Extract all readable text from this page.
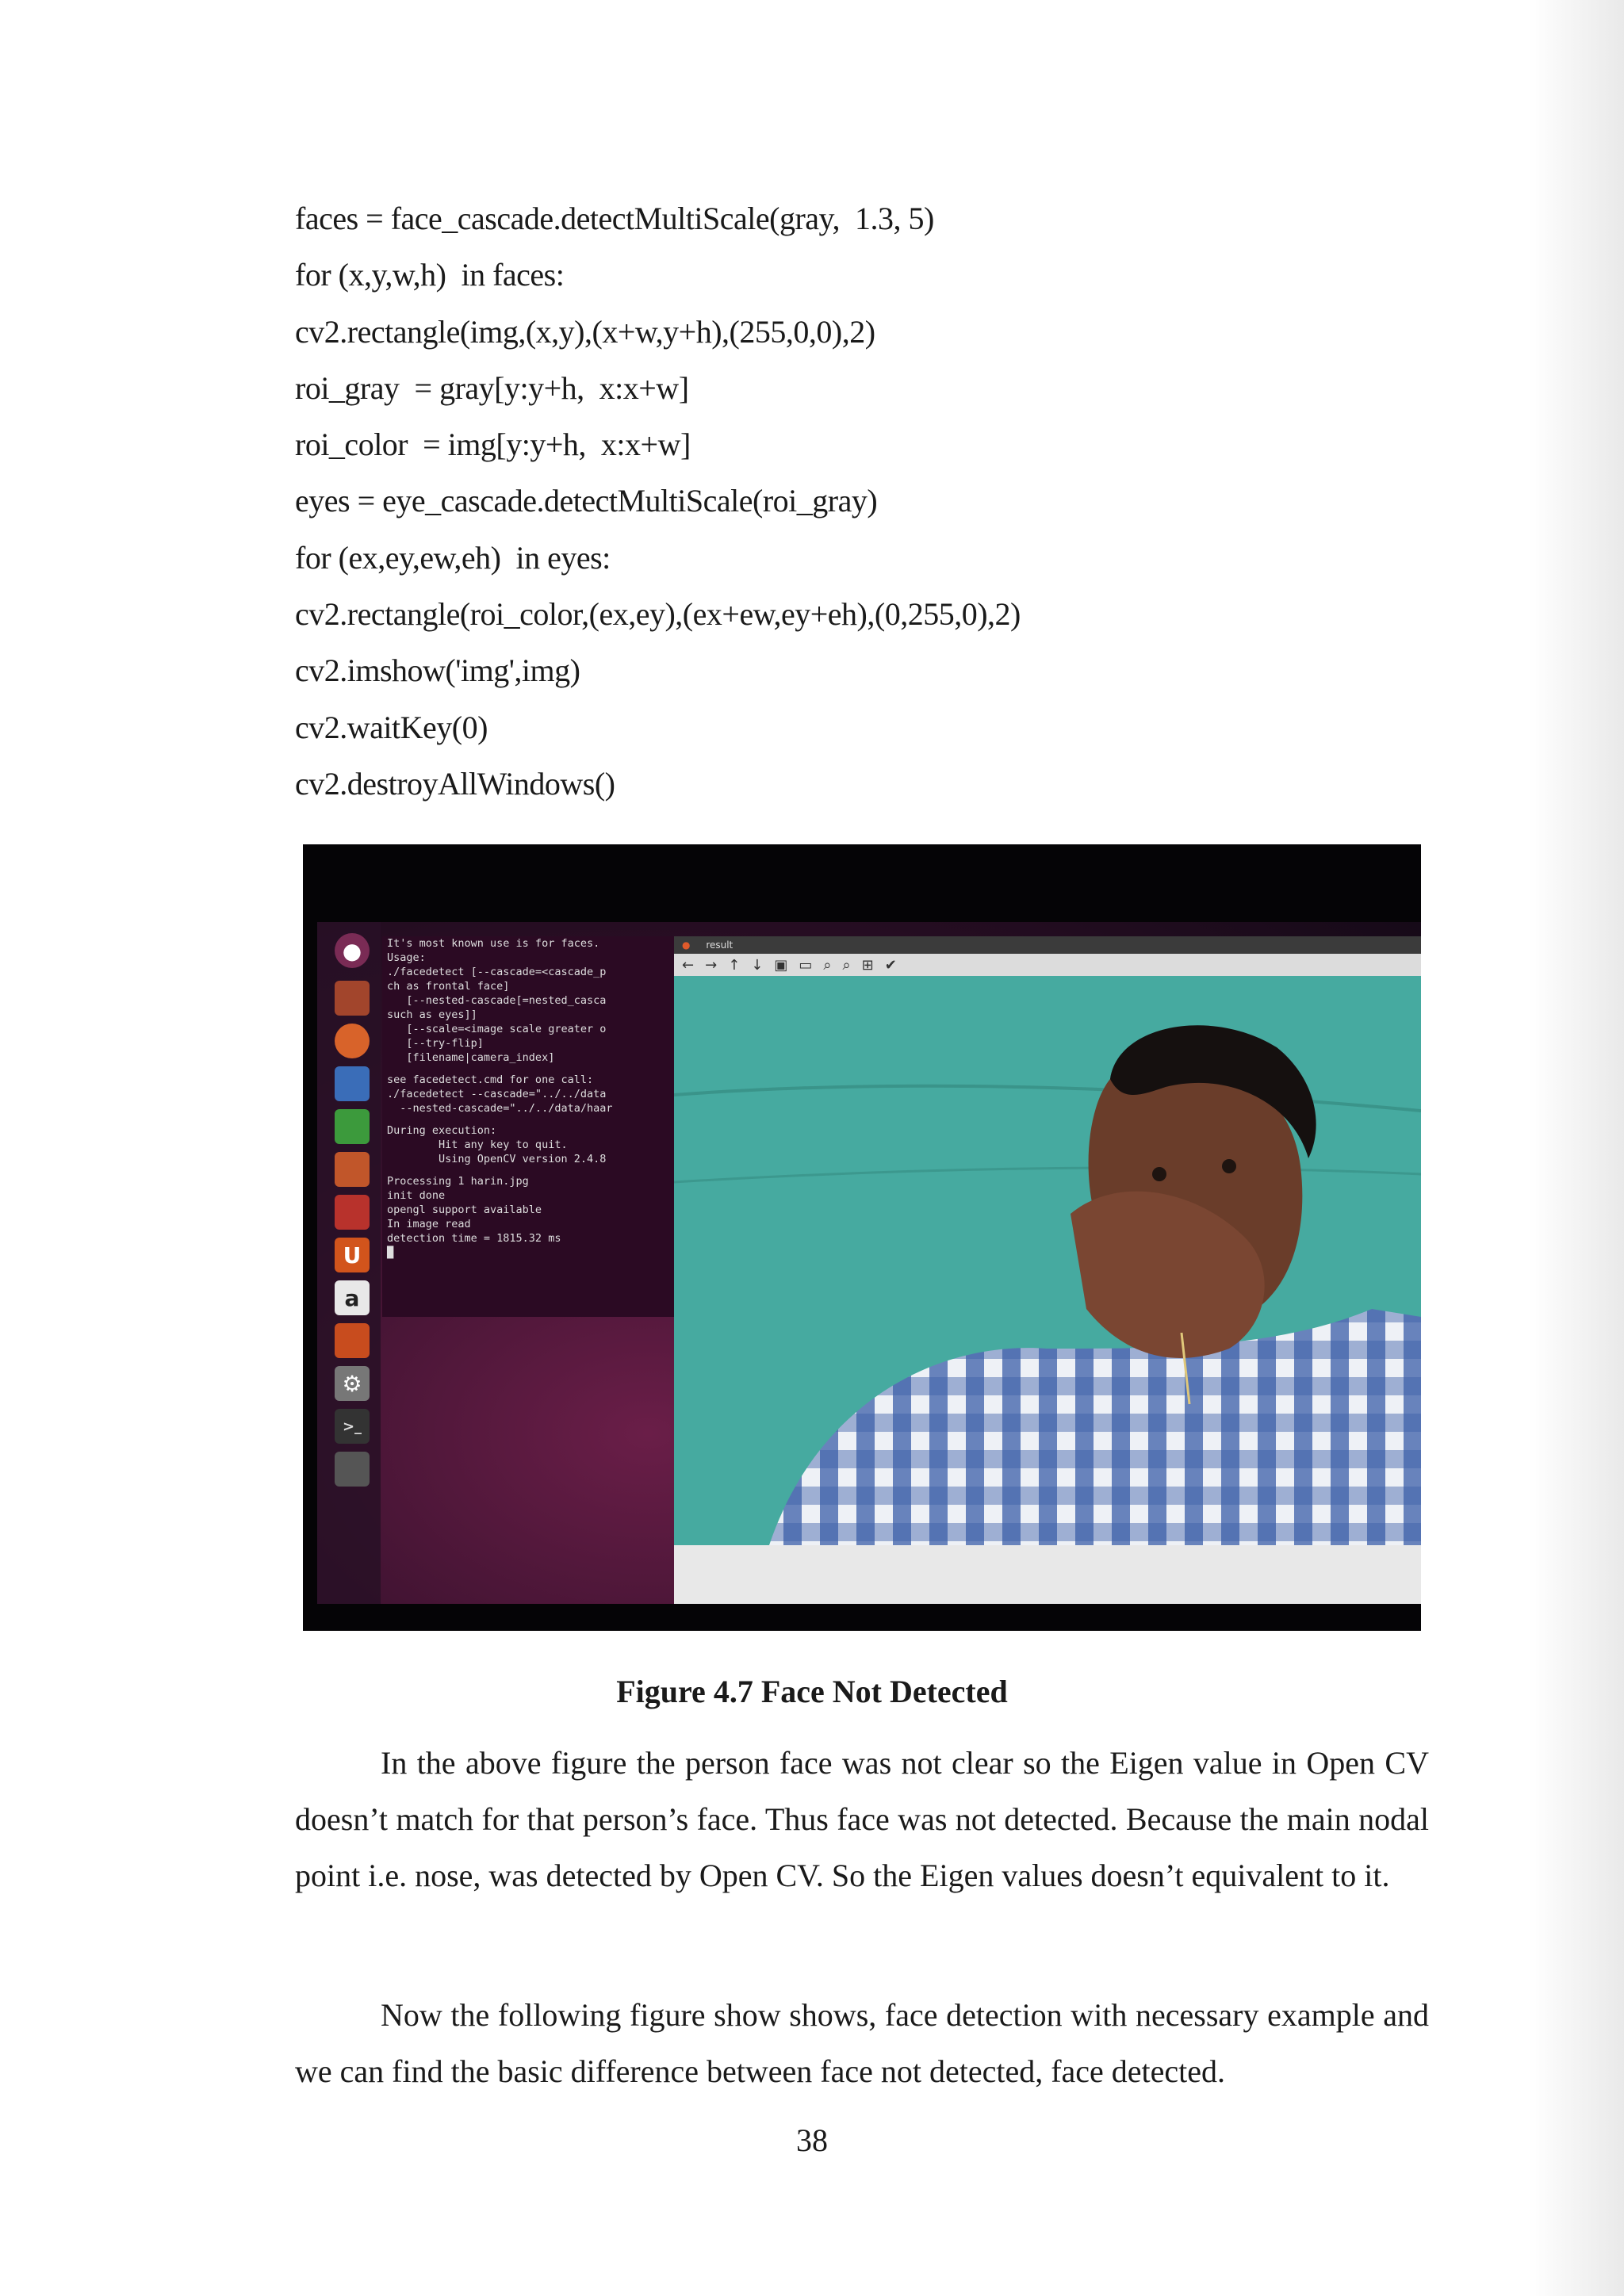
faces = face_cascade.detectMultiScale(gray,  1.3, 5)
for (x,y,w,h)  in faces:
cv2.rectangle(img,(x,y),(x+w,y+h),(255,0,0),2)
roi_gray  = gray[y:y+h,  x:x+w]
roi_color  = img[y:y+h,  x:x+w]
eyes = eye_cascade.detectMultiScale(roi_gray)
for (ex,ey,ew,eh)  in eyes:
cv2.rectangle(roi_color,(ex,ey),(ex+ew,ey+eh),(0,255,0),2)
cv2.imshow('img',img)
cv2.waitKey(0)
cv2.destroyAllWindows()
●
U
a
⚙
>_
It's most known use is for faces.
Usage:
./facedetect [--cascade=<cascade_p
ch as frontal face]
[--nested-cascade[=nested_casca
such as eyes]]
[--scale=<image scale greater o
[--try-flip]
[filename|camera_index]
see facedetect.cmd for one call:
./facedetect --cascade="../../data
--nested-cascade="../../data/haar
During execution:
Hit any key to quit.
Using OpenCV version 2.4.8
Processing 1 harin.jpg
init done
opengl support available
In image read
detection time = 1815.32 ms
█
● result
← → ↑ ↓ ▣ ▭ ⌕ ⌕ ⊞ ✔
Figure 4.7 Face Not Detected

In the above figure the person face was not clear so the Eigen value in Open CV doesn’t match for that person’s face. Thus face was not detected. Because the main nodal point i.e. nose, was detected by Open CV. So the Eigen values doesn’t equivalent to it.

Now the following figure show shows, face detection with necessary example and we can find the basic difference between face not detected, face detected.

38
